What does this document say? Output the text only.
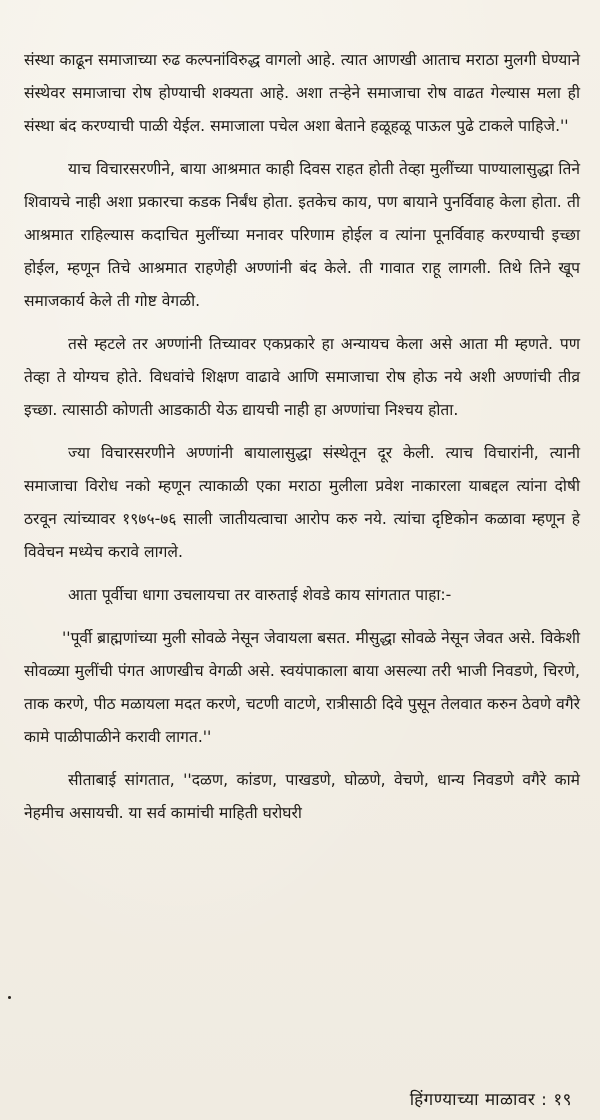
संस्था काढून समाजाच्या रुढ कल्पनांविरुद्ध वागलो आहे. त्यात आणखी आताच मराठा मुलगी घेण्याने संस्थेवर समाजाचा रोष होण्याची शक्यता आहे. अशा तऱ्हेने समाजाचा रोष वाढत गेल्यास मला ही संस्था बंद करण्याची पाळी येईल. समाजाला पचेल अशा बेताने हळूहळू पाऊल पुढे टाकले पाहिजे.''

याच विचारसरणीने, बाया आश्रमात काही दिवस राहत होती तेव्हा मुलींच्या पाण्यालासुद्धा तिने शिवायचे नाही अशा प्रकारचा कडक निर्बंध होता. इतकेच काय, पण बायाने पुनर्विवाह केला होता. ती आश्रमात राहिल्यास कदाचित मुलींच्या मनावर परिणाम होईल व त्यांना पूनर्विवाह करण्याची इच्छा होईल, म्हणून तिचे आश्रमात राहणेही अण्णांनी बंद केले. ती गावात राहू लागली. तिथे तिने खूप समाजकार्य केले ती गोष्ट वेगळी.

तसे म्हटले तर अण्णांनी तिच्यावर एकप्रकारे हा अन्यायच केला असे आता मी म्हणते. पण तेव्हा ते योग्यच होते. विधवांचे शिक्षण वाढावे आणि समाजाचा रोष होऊ नये अशी अण्णांची तीव्र इच्छा. त्यासाठी कोणती आडकाठी येऊ द्यायची नाही हा अण्णांचा निश्चय होता.

ज्या विचारसरणीने अण्णांनी बायालासुद्धा संस्थेतून दूर केली. त्याच विचारांनी, त्यानी समाजाचा विरोध नको म्हणून त्याकाळी एका मराठा मुलीला प्रवेश नाकारला याबद्दल त्यांना दोषी ठरवून त्यांच्यावर १९७५-७६ साली जातीयत्वाचा आरोप करु नये. त्यांचा दृष्टिकोन कळावा म्हणून हे विवेचन मध्येच करावे लागले.

आता पूर्वीचा धागा उचलायचा तर वारुताई शेवडे काय सांगतात पाहा:-

''पूर्वी ब्राह्मणांच्या मुली सोवळे नेसून जेवायला बसत. मीसुद्धा सोवळे नेसून जेवत असे. विकेशी सोवळ्या मुलींची पंगत आणखीच वेगळी असे. स्वयंपाकाला बाया असल्या तरी भाजी निवडणे, चिरणे, ताक करणे, पीठ मळायला मदत करणे, चटणी वाटणे, रात्रीसाठी दिवे पुसून तेलवात करुन ठेवणे वगैरे कामे पाळीपाळीने करावी लागत.''

सीताबाई सांगतात, ''दळण, कांडण, पाखडणे, घोळणे, वेचणे, धान्य निवडणे वगैरे कामे नेहमीच असायची. या सर्व कामांची माहिती घरोघरी

हिंगण्याच्या माळावर : १९
